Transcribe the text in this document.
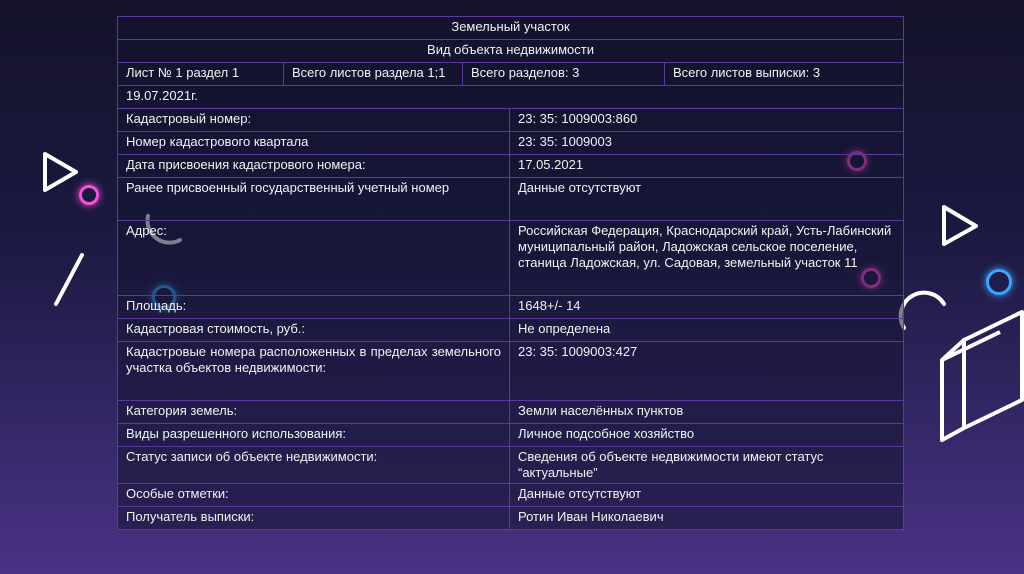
Земельный участок				
Вид объекта недвижимости				
Лист № 1 раздел 1	Всего листов раздела 1;1	Всего разделов: 3		Всего листов выписки: 3
19.07.2021г.				
Кадастровый номер:			23: 35: 1009003:860	
Номер кадастрового квартала			23: 35: 1009003	
Дата присвоения кадастрового номера:			17.05.2021	
Ранее присвоенный государственный учетный номер			Данные отсутствуют	
Адрес:			Российская Федерация, Краснодарский край, Усть-Лабинский муниципальный район, Ладожская сельское поселение, станица Ладожская, ул. Садовая, земельный участок 11	
Площадь:			1648+/- 14	
Кадастровая стоимость, руб.:			Не определена	
Кадастровые номера расположенных в пределах земельного участка объектов недвижимости:			23: 35: 1009003:427	
Категория земель:			Земли населённых пунктов	
Виды разрешенного использования:			Личное подсобное хозяйство	
Статус записи об объекте недвижимости:			Сведения об объекте недвижимости имеют статус “актуальные”	
Особые отметки:			Данные отсутствуют	
Получатель выписки:			Ротин Иван Николаевич	
